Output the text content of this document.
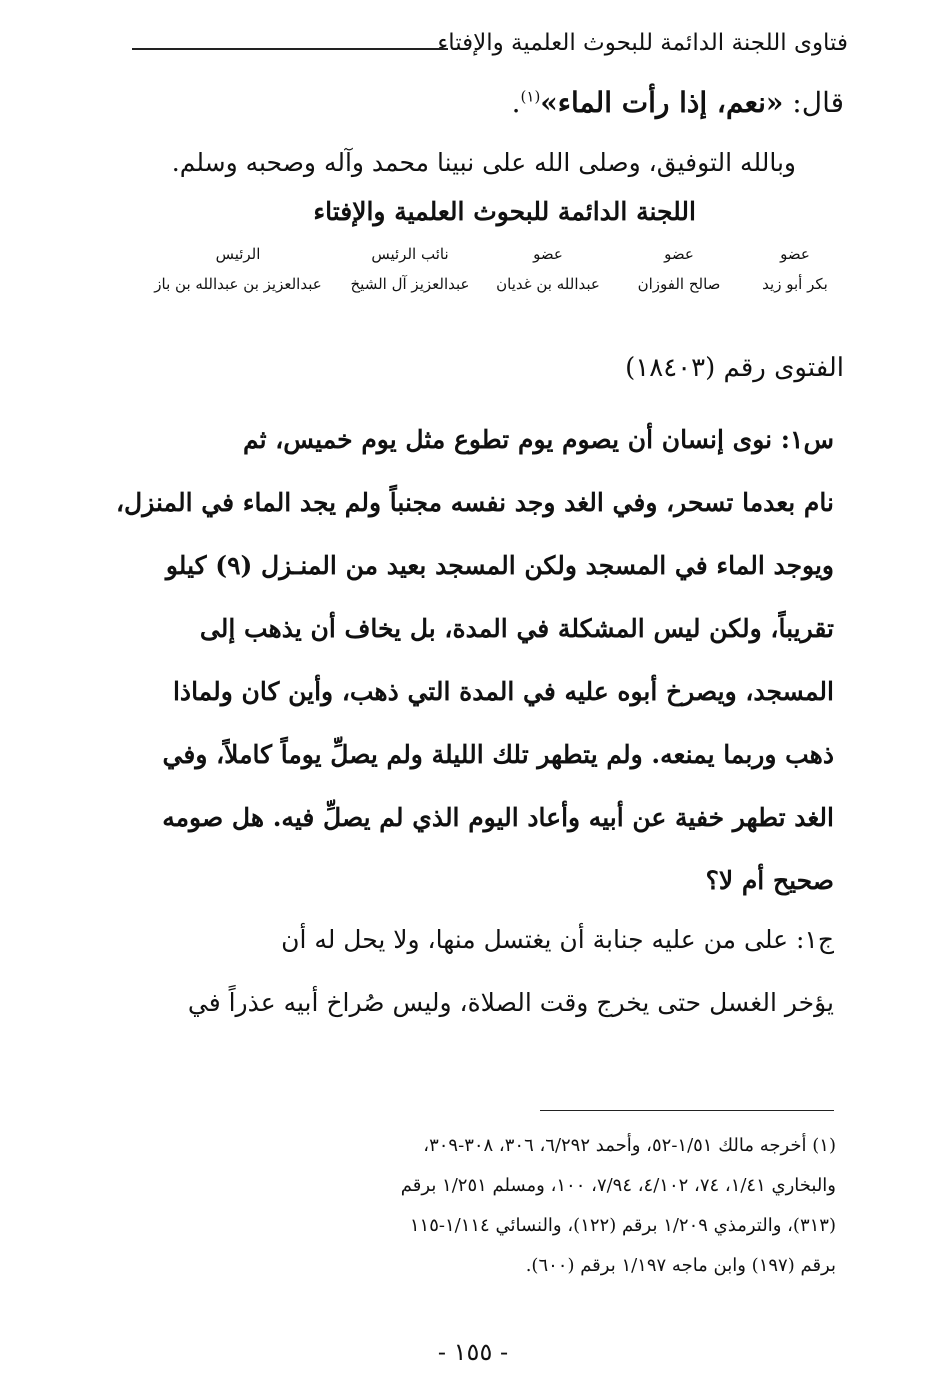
فتاوى اللجنة الدائمة للبحوث العلمية والإفتاء
قال: «نعم، إذا رأت الماء»$^{(١)}$.
وبالله التوفيق، وصلى الله على نبينا محمد وآله وصحبه وسلم.
اللجنة الدائمة للبحوث العلمية والإفتاء
عضو
بكر أبو زيد
عضو
صالح الفوزان
عضو
عبدالله بن غديان
نائب الرئيس
عبدالعزيز آل الشيخ
الرئيس
عبدالعزيز بن عبدالله بن باز
الفتوى رقم (١٨٤٠٣)
س١: نوى إنسان أن يصوم يوم تطوع مثل يوم خميس، ثم
نام بعدما تسحر، وفي الغد وجد نفسه مجنباً ولم يجد الماء في المنزل،
ويوجد الماء في المسجد ولكن المسجد بعيد من المنـزل (٩) كيلو
تقريباً، ولكن ليس المشكلة في المدة، بل يخاف أن يذهب إلى
المسجد، ويصرخ أبوه عليه في المدة التي ذهب، وأين كان ولماذا
ذهب وربما يمنعه. ولم يتطهر تلك الليلة ولم يصلِّ يوماً كاملاً، وفي
الغد تطهر خفية عن أبيه وأعاد اليوم الذي لم يصلِّ فيه. هل صومه
صحيح أم لا؟
ج١: على من عليه جنابة أن يغتسل منها، ولا يحل له أن
يؤخر الغسل حتى يخرج وقت الصلاة، وليس صُراخ أبيه عذراً في
(١) أخرجه مالك ١/٥١-٥٢، وأحمد ٦/٢٩٢، ٣٠٦، ٣٠٨-٣٠٩،
والبخاري ١/٤١، ٧٤، ٤/١٠٢، ٧/٩٤، ١٠٠، ومسلم ١/٢٥١ برقم
(٣١٣)، والترمذي ١/٢٠٩ برقم (١٢٢)، والنسائي ١/١١٤-١١٥
برقم (١٩٧) وابن ماجه ١/١٩٧ برقم (٦٠٠).
- ١٥٥ -
